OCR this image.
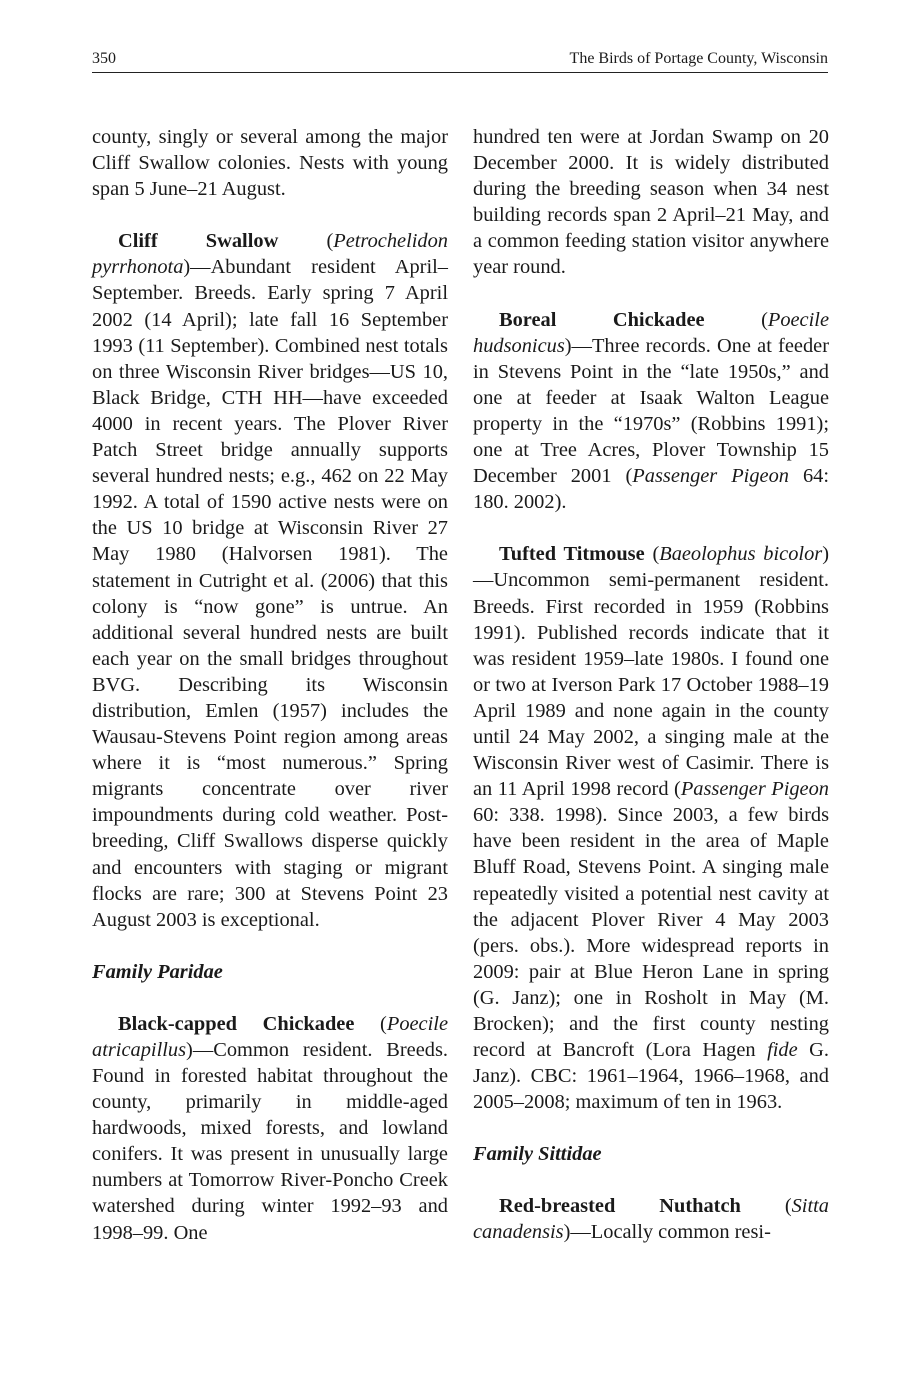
350	The Birds of Portage County, Wisconsin

county, singly or several among the major Cliff Swallow colonies. Nests with young span 5 June–21 August.

Cliff Swallow (Petrochelidon pyrrhonota)—Abundant resident April–September. Breeds. Early spring 7 April 2002 (14 April); late fall 16 September 1993 (11 September). Combined nest totals on three Wisconsin River bridges—US 10, Black Bridge, CTH HH—have exceeded 4000 in recent years. The Plover River Patch Street bridge annually supports several hundred nests; e.g., 462 on 22 May 1992. A total of 1590 active nests were on the US 10 bridge at Wisconsin River 27 May 1980 (Halvorsen 1981). The statement in Cutright et al. (2006) that this colony is “now gone” is untrue. An additional several hundred nests are built each year on the small bridges throughout BVG. Describing its Wisconsin distribution, Emlen (1957) includes the Wausau-Stevens Point region among areas where it is “most numerous.” Spring migrants concentrate over river impoundments during cold weather. Post-breeding, Cliff Swallows disperse quickly and encounters with staging or migrant flocks are rare; 300 at Stevens Point 23 August 2003 is exceptional.

Family Paridae

Black-capped Chickadee (Poecile atricapillus)—Common resident. Breeds. Found in forested habitat throughout the county, primarily in middle-aged hardwoods, mixed forests, and lowland conifers. It was present in unusually large numbers at Tomorrow River-Poncho Creek watershed during winter 1992–93 and 1998–99. One

hundred ten were at Jordan Swamp on 20 December 2000. It is widely distributed during the breeding season when 34 nest building records span 2 April–21 May, and a common feeding station visitor anywhere year round.

Boreal Chickadee (Poecile hudsonicus)—Three records. One at feeder in Stevens Point in the “late 1950s,” and one at feeder at Isaak Walton League property in the “1970s” (Robbins 1991); one at Tree Acres, Plover Township 15 December 2001 (Passenger Pigeon 64: 180. 2002).

Tufted Titmouse (Baeolophus bicolor)—Uncommon semi-permanent resident. Breeds. First recorded in 1959 (Robbins 1991). Published records indicate that it was resident 1959–late 1980s. I found one or two at Iverson Park 17 October 1988–19 April 1989 and none again in the county until 24 May 2002, a singing male at the Wisconsin River west of Casimir. There is an 11 April 1998 record (Passenger Pigeon 60: 338. 1998). Since 2003, a few birds have been resident in the area of Maple Bluff Road, Stevens Point. A singing male repeatedly visited a potential nest cavity at the adjacent Plover River 4 May 2003 (pers. obs.). More widespread reports in 2009: pair at Blue Heron Lane in spring (G. Janz); one in Rosholt in May (M. Brocken); and the first county nesting record at Bancroft (Lora Hagen fide G. Janz). CBC: 1961–1964, 1966–1968, and 2005–2008; maximum of ten in 1963.

Family Sittidae

Red-breasted Nuthatch (Sitta canadensis)—Locally common resi-
